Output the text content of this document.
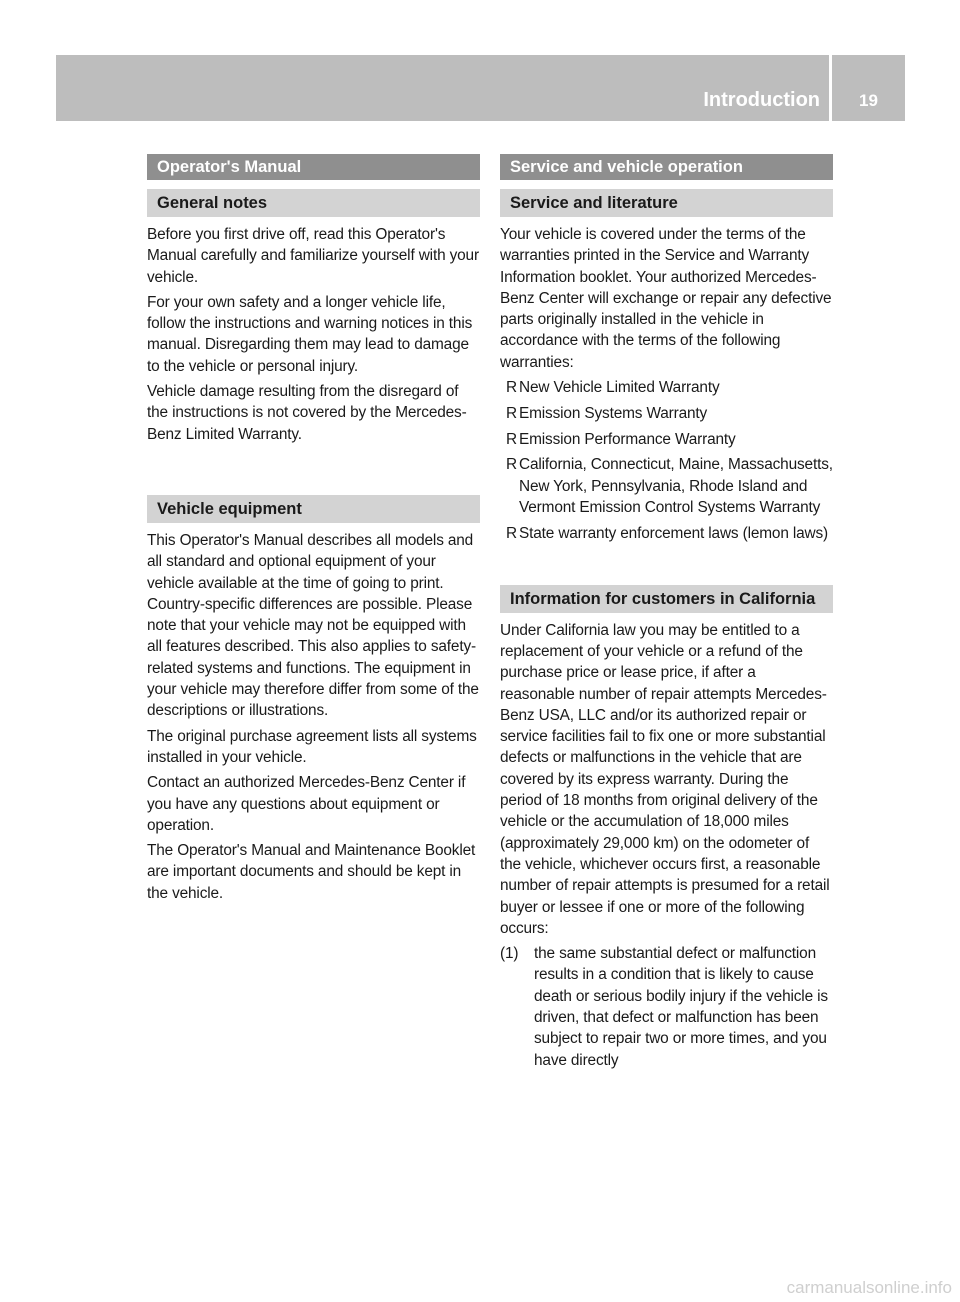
Introduction	19
Operator's Manual
General notes

Before you first drive off, read this Operator's Manual carefully and familiarize yourself with your vehicle.

For your own safety and a longer vehicle life, follow the instructions and warning notices in this manual. Disregarding them may lead to damage to the vehicle or personal injury.

Vehicle damage resulting from the disregard of the instructions is not covered by the Mercedes-Benz Limited Warranty.

Vehicle equipment

This Operator's Manual describes all models and all standard and optional equipment of your vehicle available at the time of going to print. Country-specific differences are possible. Please note that your vehicle may not be equipped with all features described. This also applies to safety-related systems and functions. The equipment in your vehicle may therefore differ from some of the descriptions or illustrations.

The original purchase agreement lists all systems installed in your vehicle.

Contact an authorized Mercedes-Benz Center if you have any questions about equipment or operation.

The Operator's Manual and Maintenance Booklet are important documents and should be kept in the vehicle.

Service and vehicle operation
Service and literature

Your vehicle is covered under the terms of the warranties printed in the Service and Warranty Information booklet. Your authorized Mercedes-Benz Center will exchange or repair any defective parts originally installed in the vehicle in accordance with the terms of the following warranties:

R New Vehicle Limited Warranty
R Emission Systems Warranty
R Emission Performance Warranty
R California, Connecticut, Maine, Massachusetts, New York, Pennsylvania, Rhode Island and Vermont Emission Control Systems Warranty
R State warranty enforcement laws (lemon laws)
Information for customers in California

Under California law you may be entitled to a replacement of your vehicle or a refund of the purchase price or lease price, if after a reasonable number of repair attempts Mercedes-Benz USA, LLC and/or its authorized repair or service facilities fail to fix one or more substantial defects or malfunctions in the vehicle that are covered by its express warranty. During the period of 18 months from original delivery of the vehicle or the accumulation of 18,000 miles (approximately 29,000 km) on the odometer of the vehicle, whichever occurs first, a reasonable number of repair attempts is presumed for a retail buyer or lessee if one or more of the following occurs:

(1) the same substantial defect or malfunction results in a condition that is likely to cause death or serious bodily injury if the vehicle is driven, that defect or malfunction has been subject to repair two or more times, and you have directly
carmanualsonline.info
